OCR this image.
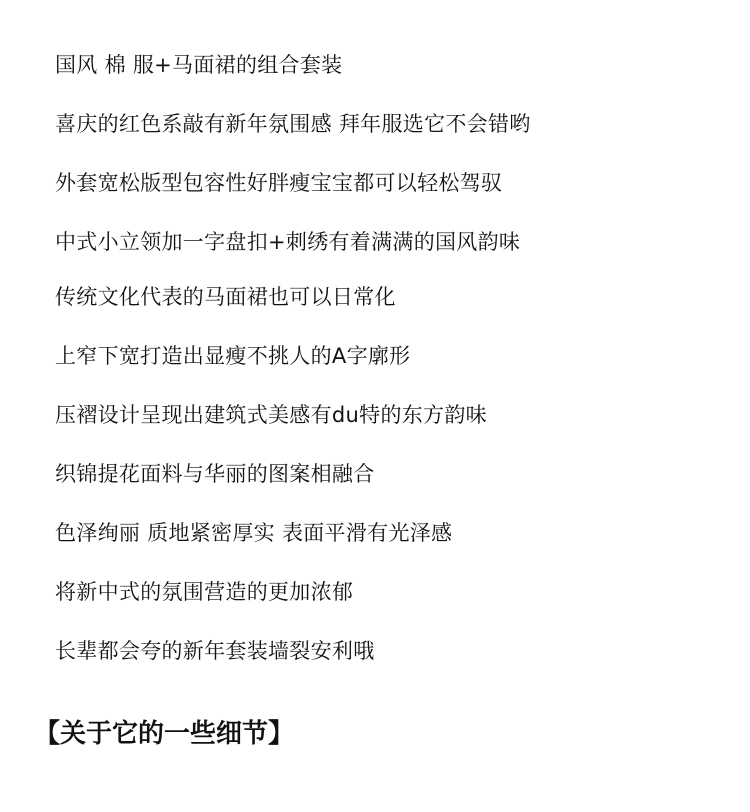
国风 棉 服+马面裙的组合套装
喜庆的红色系敲有新年氛围感 拜年服选它不会错哟
外套宽松版型包容性好胖瘦宝宝都可以轻松驾驭
中式小立领加一字盘扣+刺绣有着满满的国风韵味
传统文化代表的马面裙也可以日常化
上窄下宽打造出显瘦不挑人的A字廓形
压褶设计呈现出建筑式美感有du特的东方韵味
织锦提花面料与华丽的图案相融合
色泽绚丽 质地紧密厚实 表面平滑有光泽感
将新中式的氛围营造的更加浓郁
长辈都会夸的新年套装墙裂安利哦
【关于它的一些细节】
